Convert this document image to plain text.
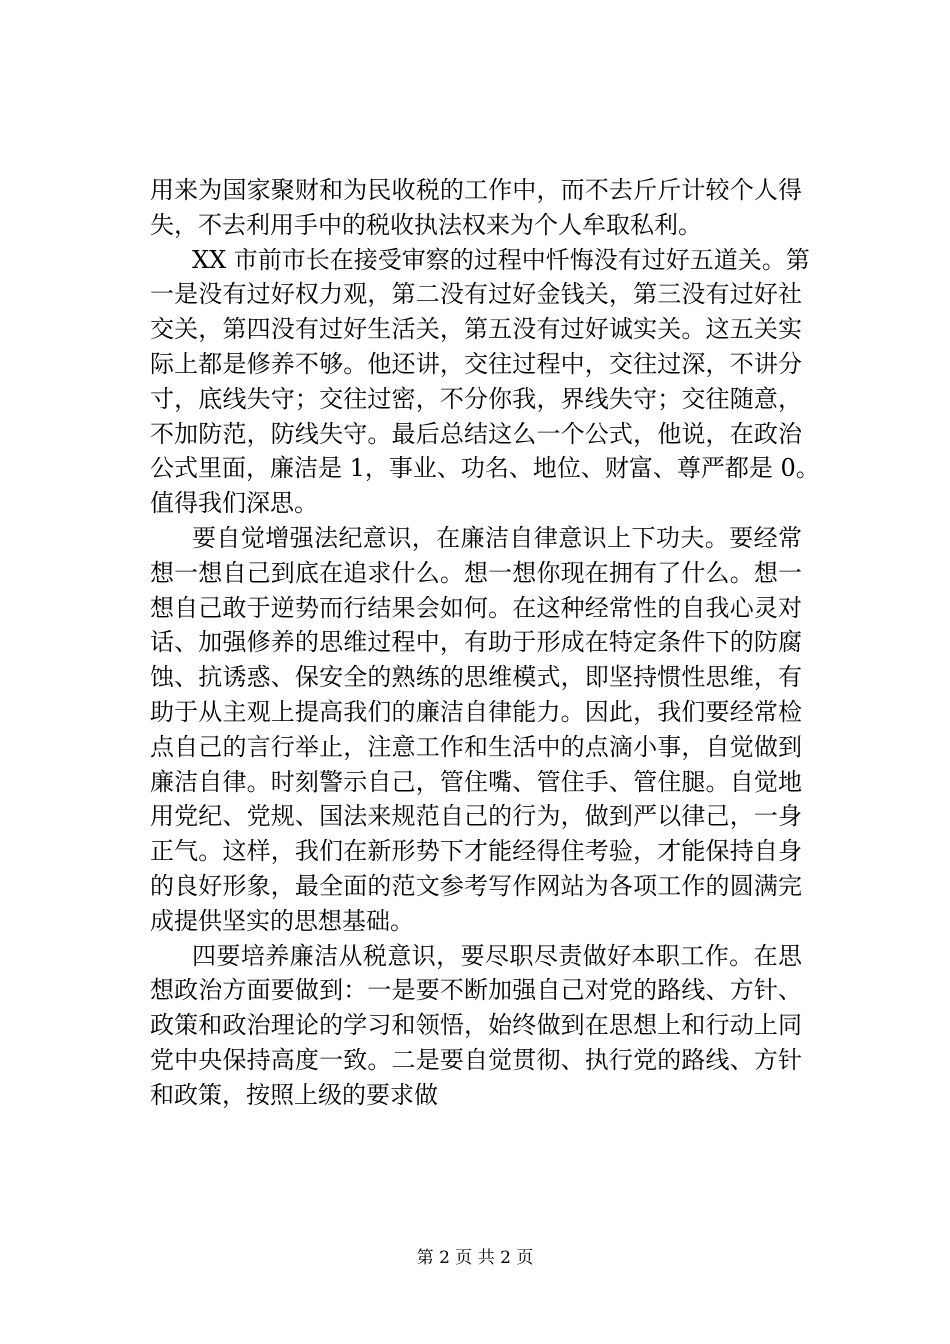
用来为国家聚财和为民收税的工作中，而不去斤斤计较个人得
失，不去利用手中的税收执法权来为个人牟取私利。
XX 市前市长在接受审察的过程中忏悔没有过好五道关。第
一是没有过好权力观，第二没有过好金钱关，第三没有过好社
交关，第四没有过好生活关，第五没有过好诚实关。这五关实
际上都是修养不够。他还讲，交往过程中，交往过深，不讲分
寸，底线失守；交往过密，不分你我，界线失守；交往随意，
不加防范，防线失守。最后总结这么一个公式，他说，在政治
公式里面，廉洁是 1，事业、功名、地位、财富、尊严都是 0。
值得我们深思。
要自觉增强法纪意识，在廉洁自律意识上下功夫。要经常
想一想自己到底在追求什么。想一想你现在拥有了什么。想一
想自己敢于逆势而行结果会如何。在这种经常性的自我心灵对
话、加强修养的思维过程中，有助于形成在特定条件下的防腐
蚀、抗诱惑、保安全的熟练的思维模式，即坚持惯性思维，有
助于从主观上提高我们的廉洁自律能力。因此，我们要经常检
点自己的言行举止，注意工作和生活中的点滴小事，自觉做到
廉洁自律。时刻警示自己，管住嘴、管住手、管住腿。自觉地
用党纪、党规、国法来规范自己的行为，做到严以律己，一身
正气。这样，我们在新形势下才能经得住考验，才能保持自身
的良好形象，最全面的范文参考写作网站为各项工作的圆满完
成提供坚实的思想基础。
四要培养廉洁从税意识，要尽职尽责做好本职工作。在思
想政治方面要做到：一是要不断加强自己对党的路线、方针、
政策和政治理论的学习和领悟，始终做到在思想上和行动上同
党中央保持高度一致。二是要自觉贯彻、执行党的路线、方针
和政策，按照上级的要求做
第 2 页 共 2 页
